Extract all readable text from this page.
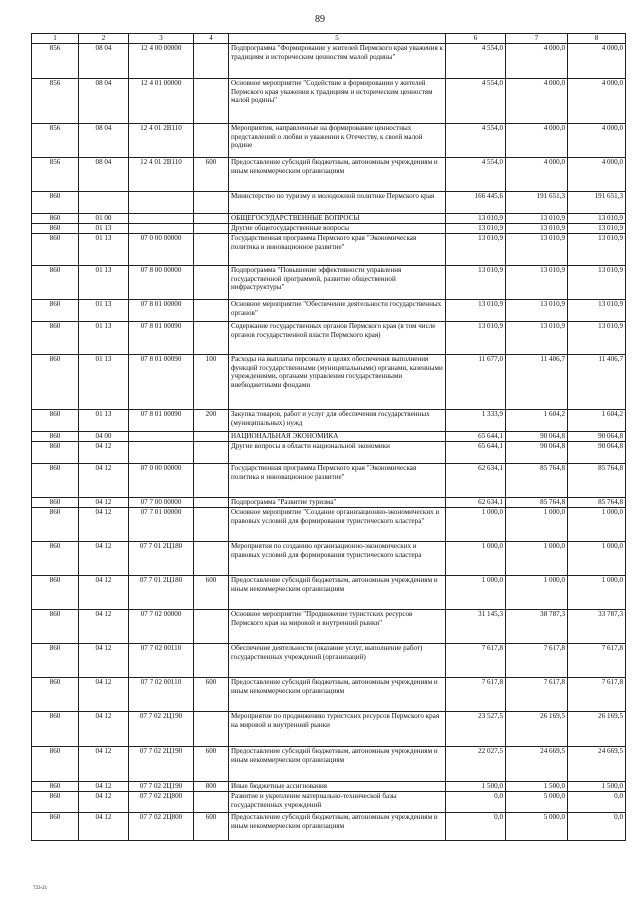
89
1	2	3	4	5	6	7	8
856	08 04	12 4 00 00000		Подпрограмма "Формирование у жителей Пермского края уважения к традициям и историческим ценностям малой родины"	4 554,0	4 000,0	4 000,0
856	08 04	12 4 01 00000		Основное мероприятие "Содействие в формировании у жителей Пермского края уважения к традициям и историческим ценностям малой родины"	4 554,0	4 000,0	4 000,0
856	08 04	12 4 01 2В110		Мероприятия, направленные на формирование ценностных представлений о любви и уважении к Отечеству, к своей малой родине	4 554,0	4 000,0	4 000,0
856	08 04	12 4 01 2В110	600	Предоставление субсидий бюджетным, автономным учреждениям и иным некоммерческим организациям	4 554,0	4 000,0	4 000,0
860				Министерство по туризму и молодежной политике Пермского края	166 445,6	191 651,3	191 651,3
860	01 00			ОБЩЕГОСУДАРСТВЕННЫЕ ВОПРОСЫ	13 010,9	13 010,9	13 010,9
860	01 13			Другие общегосударственные вопросы	13 010,9	13 010,9	13 010,9
860	01 13	07 0 00 00000		Государственная программа Пермского края "Экономическая политика и инновационное развитие"	13 010,9	13 010,9	13 010,9
860	01 13	07 8 00 00000		Подпрограмма "Повышение эффективности управления государственной программой, развитие общественной инфраструктуры"	13 010,9	13 010,9	13 010,9
860	01 13	07 8 01 00000		Основное мероприятие "Обеспечение деятельности государственных органов"	13 010,9	13 010,9	13 010,9
860	01 13	07 8 01 00090		Содержание государственных органов Пермского края (в том числе органов государственной власти Пермского края)	13 010,9	13 010,9	13 010,9
860	01 13	07 8 01 00090	100	Расходы на выплаты персоналу в целях обеспечения выполнения функций государственными (муниципальными) органами, казенными учреждениями, органами управления государственными внебюджетными фондами	11 677,0	11 406,7	11 406,7
860	01 13	07 8 01 00090	200	Закупка товаров, работ и услуг для обеспечения государственных (муниципальных) нужд	1 333,9	1 604,2	1 604,2
860	04 00			НАЦИОНАЛЬНАЯ ЭКОНОМИКА	65 644,1	90 064,8	90 064,8
860	04 12			Другие вопросы в области национальной экономики	65 644,1	90 064,8	90 064,8
860	04 12	07 0 00 00000		Государственная программа Пермского края "Экономическая политика и инновационное развитие"	62 634,1	85 764,8	85 764,8
860	04 12	07 7 00 00000		Подпрограмма "Развитие туризма"	62 634,1	85 764,8	85 764,8
860	04 12	07 7 01 00000		Основное мероприятие "Создание организационно-экономических и правовых условий для формирования туристического кластера"	1 000,0	1 000,0	1 000,0
860	04 12	07 7 01 2Ц180		Мероприятия по созданию организационно-экономических и правовых условий для формирования туристического кластера	1 000,0	1 000,0	1 000,0
860	04 12	07 7 01 2Ц180	600	Предоставление субсидий бюджетным, автономным учреждениям и иным некоммерческим организациям	1 000,0	1 000,0	1 000,0
860	04 12	07 7 02 00000		Основное мероприятие "Продвижение туристских ресурсов Пермского края на мировой и внутренний рынки"	31 145,3	38 787,3	33 787,3
860	04 12	07 7 02 00110		Обеспечение деятельности (оказание услуг, выполнение работ) государственных учреждений (организаций)	7 617,8	7 617,8	7 617,8
860	04 12	07 7 02 00110	600	Предоставление субсидий бюджетным, автономным учреждениям и иным некоммерческим организациям	7 617,8	7 617,8	7 617,8
860	04 12	07 7 02 2Ц190		Мероприятие по продвижению туристских ресурсов Пермского края на мировой и внутренний рынки	23 527,5	26 169,5	26 169,5
860	04 12	07 7 02 2Ц190	600	Предоставление субсидий бюджетным, автономным учреждениям и иным некоммерческим организациям	22 027,5	24 669,5	24 669,5
860	04 12	07 7 02 2Ц190	800	Иные бюджетные ассигнования	1 500,0	1 500,0	1 500,0
860	04 12	07 7 02 2Ц800		Развитие и укрепление материально-технической базы государственных учреждений	0,0	5 000,0	0,0
860	04 12	07 7 02 2Ц800	600	Предоставление субсидий бюджетным, автономным учреждениям и иным некоммерческим организациям	0,0	5 000,0	0,0
723-21
